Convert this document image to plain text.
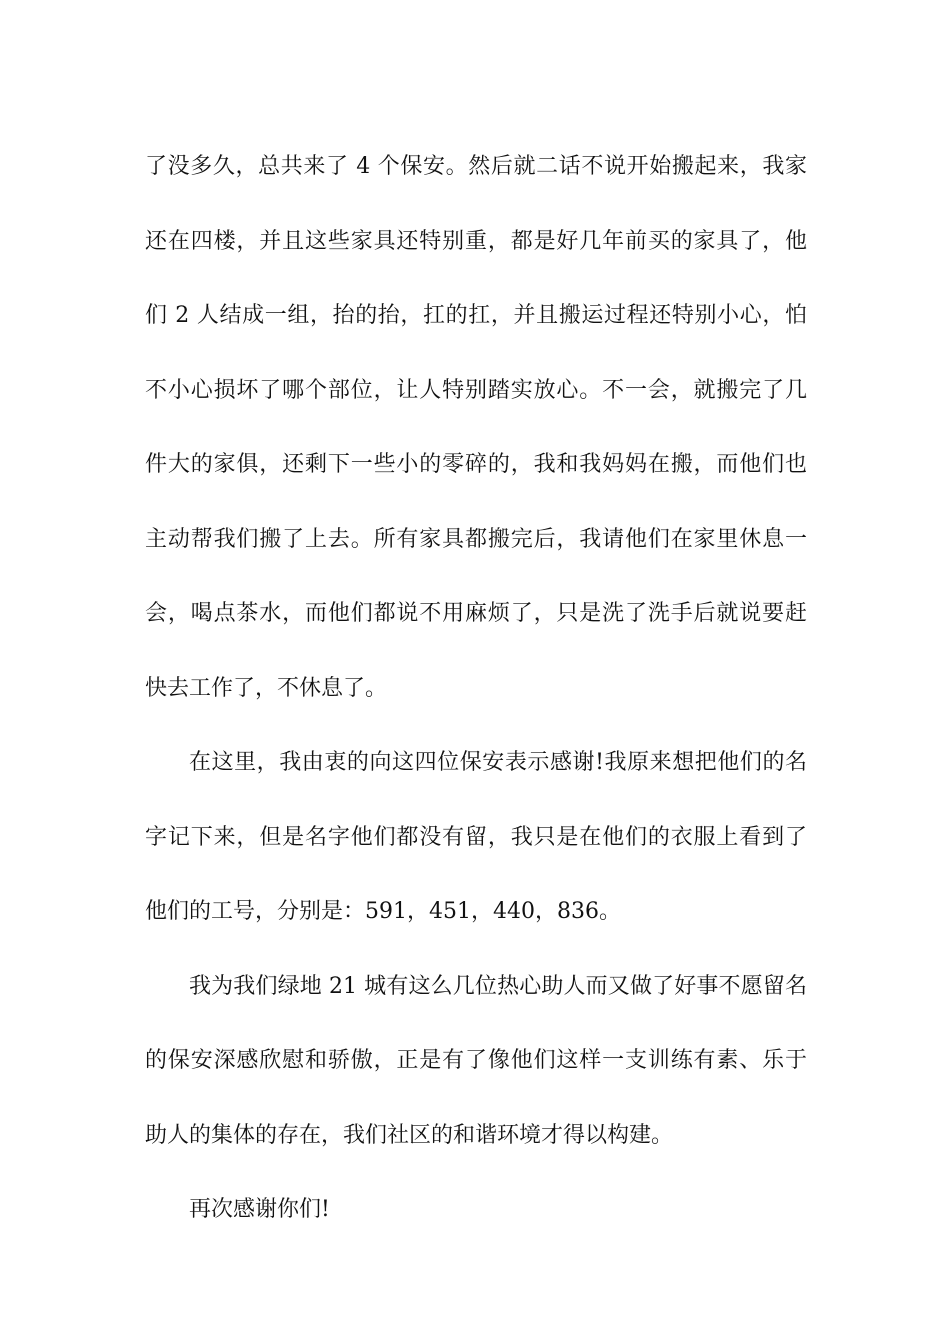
了没多久，总共来了 4 个保安。然后就二话不说开始搬起来，我家
还在四楼，并且这些家具还特别重，都是好几年前买的家具了，他
们 2 人结成一组，抬的抬，扛的扛，并且搬运过程还特别小心，怕
不小心损坏了哪个部位，让人特别踏实放心。不一会，就搬完了几
件大的家俱，还剩下一些小的零碎的，我和我妈妈在搬，而他们也
主动帮我们搬了上去。所有家具都搬完后，我请他们在家里休息一
会，喝点茶水，而他们都说不用麻烦了，只是洗了洗手后就说要赶
快去工作了，不休息了。
在这里，我由衷的向这四位保安表示感谢!我原来想把他们的名
字记下来，但是名字他们都没有留，我只是在他们的衣服上看到了
他们的工号，分别是：591，451，440，836。
我为我们绿地 21 城有这么几位热心助人而又做了好事不愿留名
的保安深感欣慰和骄傲，正是有了像他们这样一支训练有素、乐于
助人的集体的存在，我们社区的和谐环境才得以构建。
再次感谢你们!
